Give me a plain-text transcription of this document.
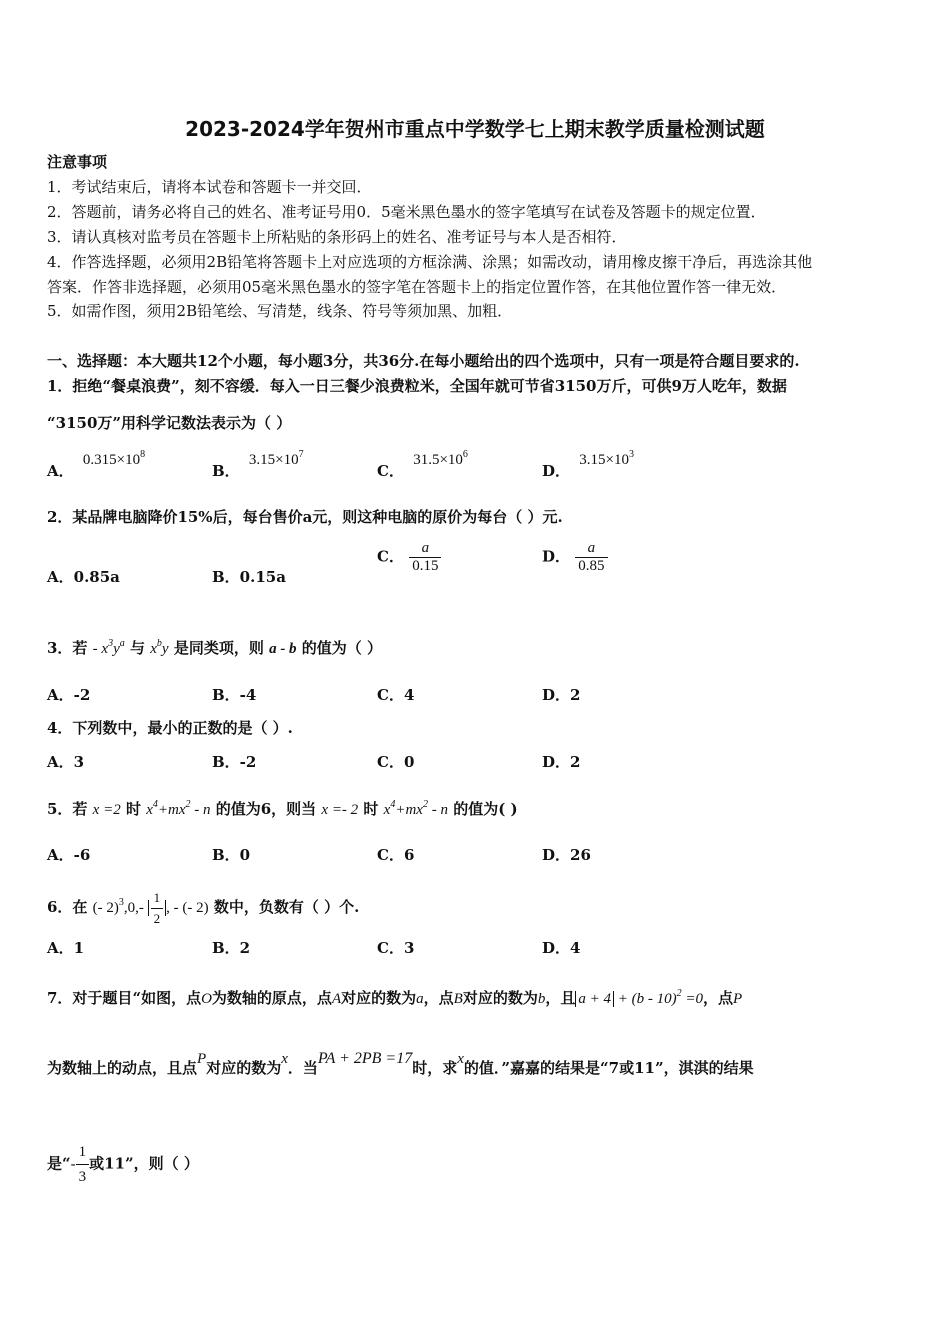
2023-2024学年贺州市重点中学数学七上期末教学质量检测试题
注意事项
1．考试结束后，请将本试卷和答题卡一并交回．
2．答题前，请务必将自己的姓名、准考证号用0．5毫米黑色墨水的签字笔填写在试卷及答题卡的规定位置．
3．请认真核对监考员在答题卡上所粘贴的条形码上的姓名、准考证号与本人是否相符．
4．作答选择题，必须用2B铅笔将答题卡上对应选项的方框涂满、涂黑；如需改动，请用橡皮擦干净后，再选涂其他
答案．作答非选择题，必须用05毫米黑色墨水的签字笔在答题卡上的指定位置作答，在其他位置作答一律无效．
5．如需作图，须用2B铅笔绘、写清楚，线条、符号等须加黑、加粗．
一、选择题：本大题共12个小题，每小题3分，共36分.在每小题给出的四个选项中，只有一项是符合题目要求的.
1．拒绝“餐桌浪费”，刻不容缓．每入一日三餐少浪费粒米，全国年就可节省3150万斤，可供9万人吃年，数据
“3150万”用科学记数法表示为（ ）
A． $0.315\times 10^8$
B． $3.15\times 10^7$
C． $31.5\times 10^6$
D． $3.15\times 10^3$
2．某品牌电脑降价15%后，每台售价a元，则这种电脑的原价为每台（ ）元.
A．0.85a	B．0.15a
C． $\frac{a}{0.15}$	D． $\frac{a}{0.85}$
3．若 - $x^3y^a$ 与 $x^by$ 是同类项，则 a - b 的值为（ ）
A．-2	B．-4	C．4	D．2
4．下列数中，最小的正数的是（ ）.
A．3	B．-2	C．0	D．2
5．若 x =2 时 $x^4+mx^2 - n$ 的值为6，则当 x =- 2 时 $x^4+mx^2 - n$ 的值为( )
A．-6	B．0	C．6	D．26
6．在 (- $2)^3,0,- \frac{1}{2}$ , - (- 2) 数中，负数有（ ）个.
A．1	B．2	C．3	D．4
7．对于题目“如图，点O为数轴的原点，点A对应的数为a，点B对应的数为b，且 a + 4 + (b - 10)$^2$ =0，点P
为数轴上的动点，且点P对应的数为x．当PA + 2PB =17时，求x的值．”嘉嘉的结果是“7或11”，淇淇的结果
是“- $\frac{1}{3}$ 或11”，则（ ）
